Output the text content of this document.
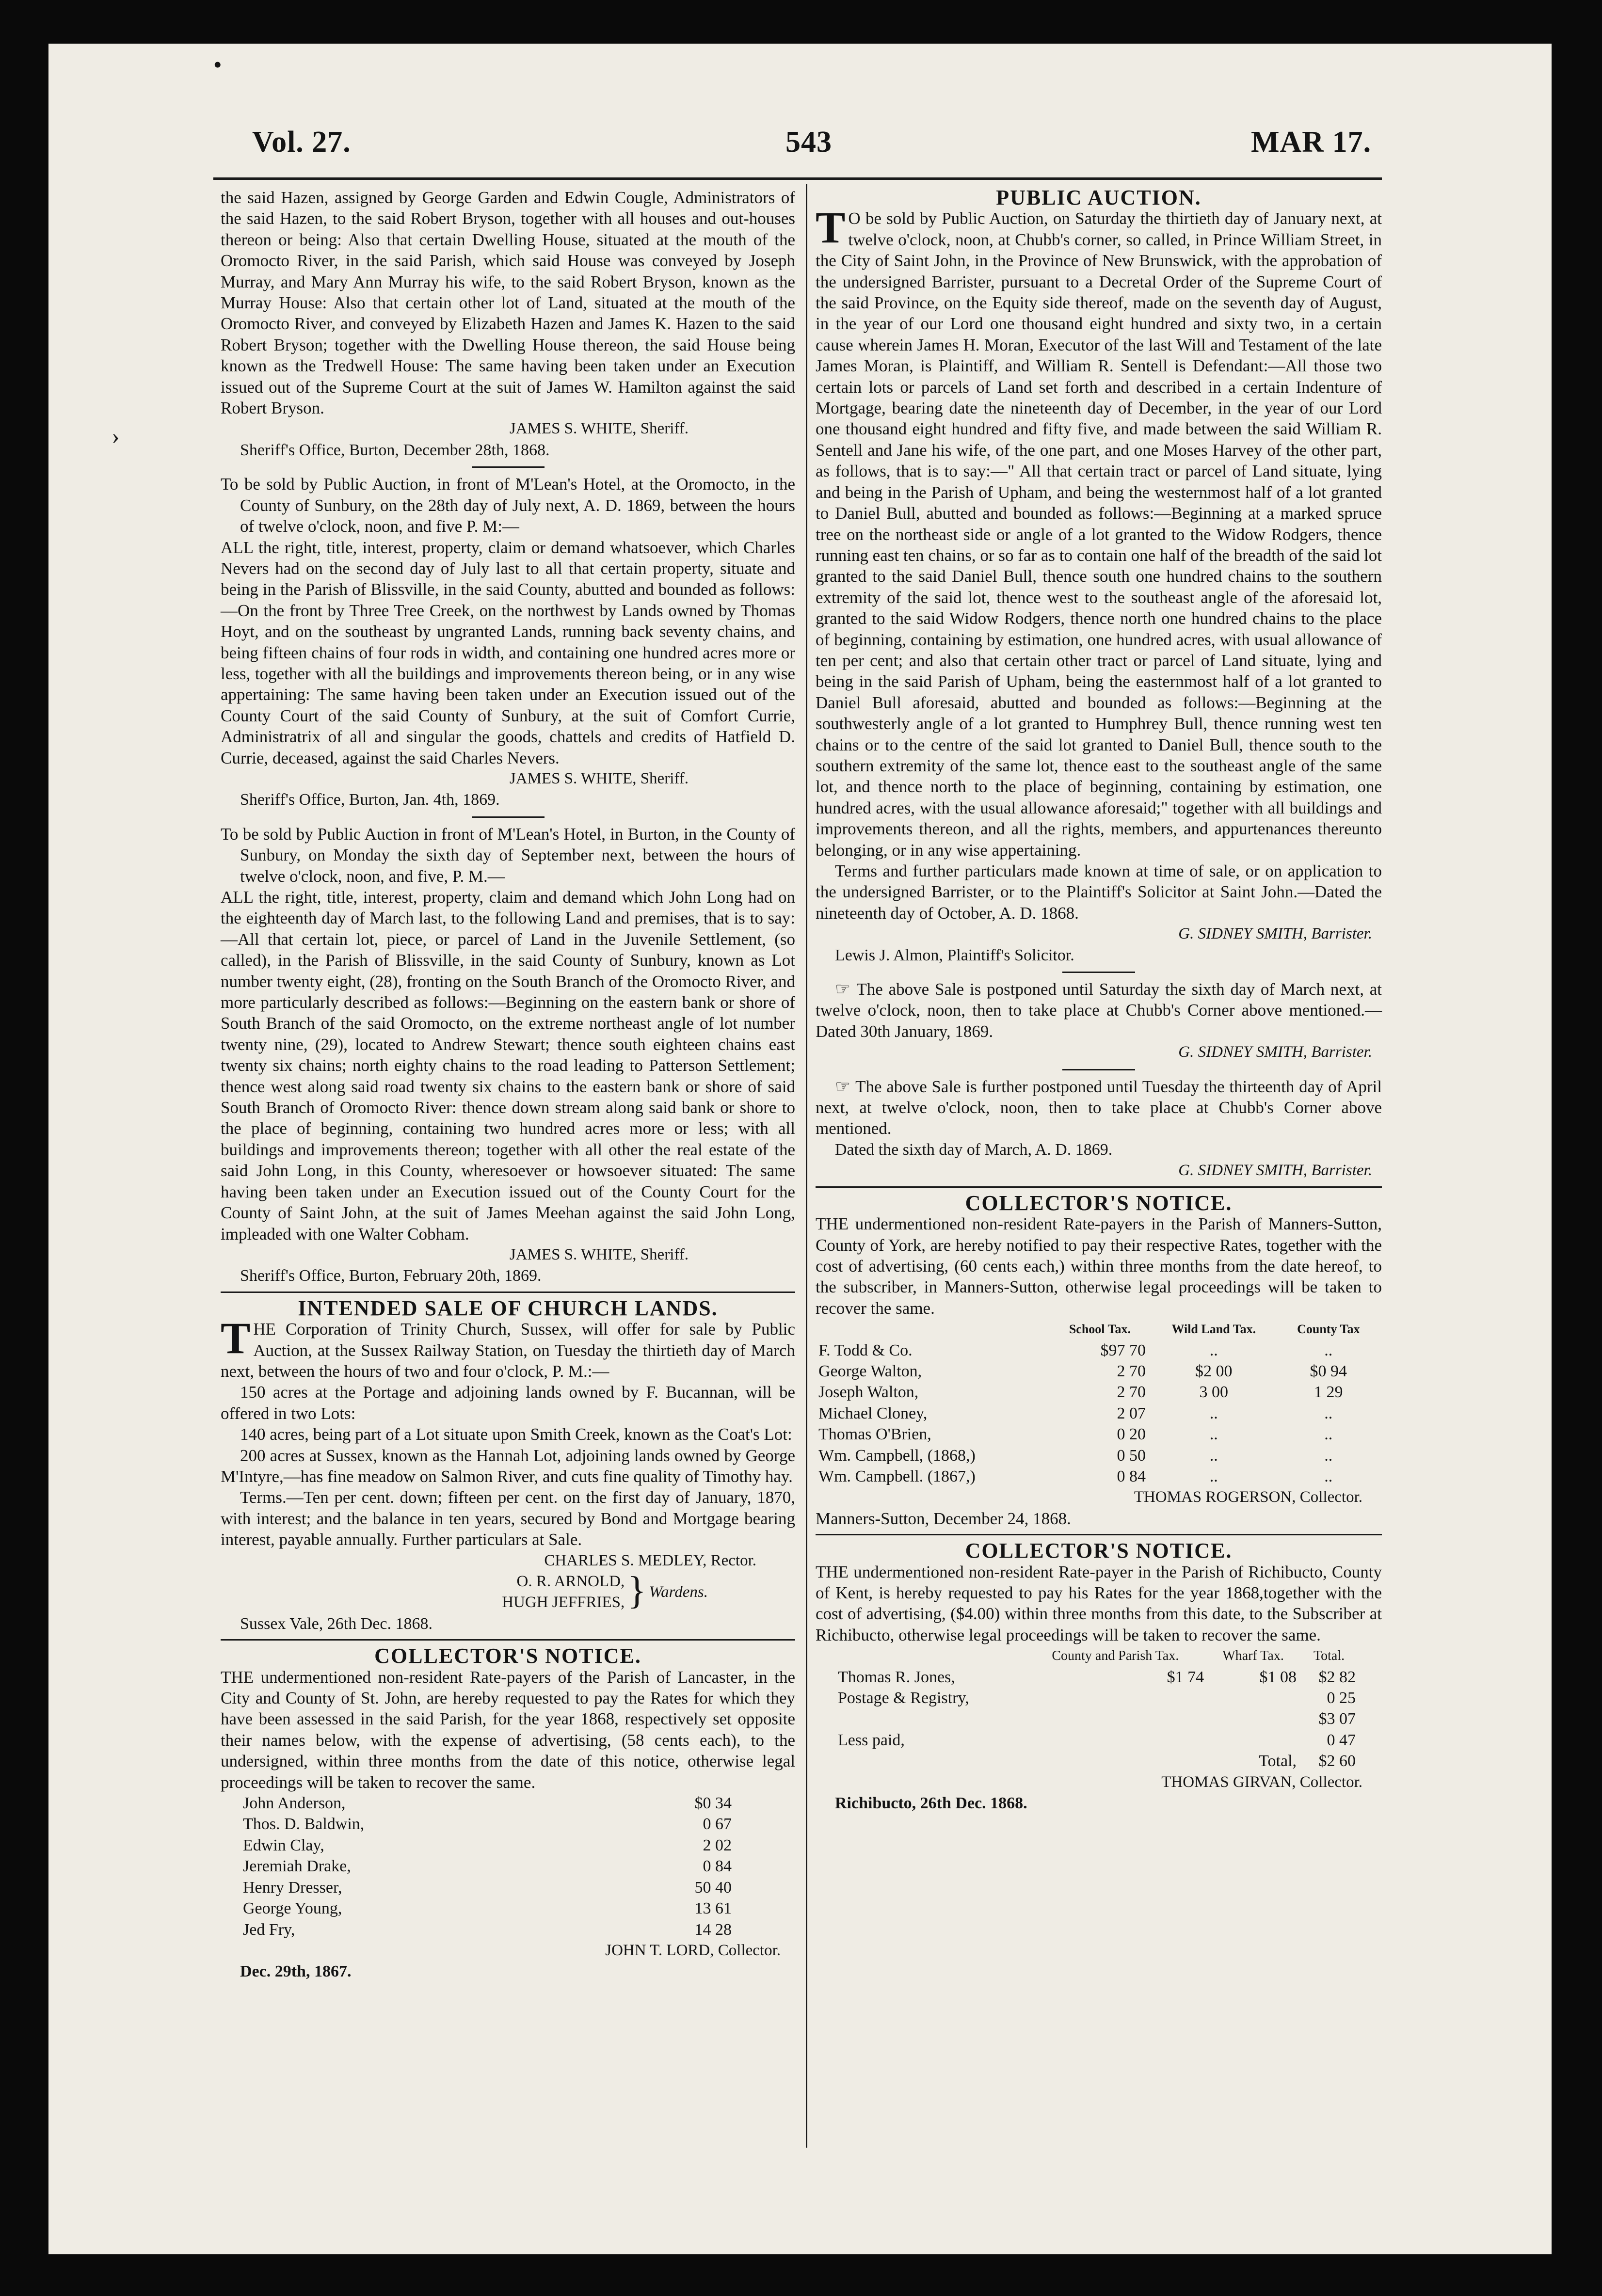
•
›
Vol. 27.	543	MAR 17.

the said Hazen, assigned by George Garden and Edwin Cougle, Administrators of the said Hazen, to the said Robert Bryson, together with all houses and out-houses thereon or being: Also that certain Dwelling House, situated at the mouth of the Oromocto River, in the said Parish, which said House was conveyed by Joseph Murray, and Mary Ann Murray his wife, to the said Robert Bryson, known as the Murray House: Also that certain other lot of Land, situated at the mouth of the Oromocto River, and conveyed by Elizabeth Hazen and James K. Hazen to the said Robert Bryson; together with the Dwelling House thereon, the said House being known as the Tredwell House: The same having been taken under an Execution issued out of the Supreme Court at the suit of James W. Hamilton against the said Robert Bryson.

JAMES S. WHITE, Sheriff.

Sheriff's Office, Burton, December 28th, 1868.

To be sold by Public Auction, in front of M'Lean's Hotel, at the Oromocto, in the County of Sunbury, on the 28th day of July next, A. D. 1869, between the hours of twelve o'clock, noon, and five P. M:—

ALL the right, title, interest, property, claim or demand whatsoever, which Charles Nevers had on the second day of July last to all that certain property, situate and being in the Parish of Blissville, in the said County, abutted and bounded as follows:—On the front by Three Tree Creek, on the northwest by Lands owned by Thomas Hoyt, and on the southeast by ungranted Lands, running back seventy chains, and being fifteen chains of four rods in width, and containing one hundred acres more or less, together with all the buildings and improvements thereon being, or in any wise appertaining: The same having been taken under an Execution issued out of the County Court of the said County of Sunbury, at the suit of Comfort Currie, Administratrix of all and singular the goods, chattels and credits of Hatfield D. Currie, deceased, against the said Charles Nevers.

JAMES S. WHITE, Sheriff.

Sheriff's Office, Burton, Jan. 4th, 1869.

To be sold by Public Auction in front of M'Lean's Hotel, in Burton, in the County of Sunbury, on Monday the sixth day of September next, between the hours of twelve o'clock, noon, and five, P. M.—

ALL the right, title, interest, property, claim and demand which John Long had on the eighteenth day of March last, to the following Land and premises, that is to say:—All that certain lot, piece, or parcel of Land in the Juvenile Settlement, (so called), in the Parish of Blissville, in the said County of Sunbury, known as Lot number twenty eight, (28), fronting on the South Branch of the Oromocto River, and more particularly described as follows:—Beginning on the eastern bank or shore of South Branch of the said Oromocto, on the extreme northeast angle of lot number twenty nine, (29), located to Andrew Stewart; thence south eighteen chains east twenty six chains; north eighty chains to the road leading to Patterson Settlement; thence west along said road twenty six chains to the eastern bank or shore of said South Branch of Oromocto River: thence down stream along said bank or shore to the place of beginning, containing two hundred acres more or less; with all buildings and improvements thereon; together with all other the real estate of the said John Long, in this County, wheresoever or howsoever situated: The same having been taken under an Execution issued out of the County Court for the County of Saint John, at the suit of James Meehan against the said John Long, impleaded with one Walter Cobham.

JAMES S. WHITE, Sheriff.

Sheriff's Office, Burton, February 20th, 1869.

INTENDED SALE OF CHURCH LANDS.

THE Corporation of Trinity Church, Sussex, will offer for sale by Public Auction, at the Sussex Railway Station, on Tuesday the thirtieth day of March next, between the hours of two and four o'clock, P. M.:—

150 acres at the Portage and adjoining lands owned by F. Bucannan, will be offered in two Lots:

140 acres, being part of a Lot situate upon Smith Creek, known as the Coat's Lot:

200 acres at Sussex, known as the Hannah Lot, adjoining lands owned by George M'Intyre,—has fine meadow on Salmon River, and cuts fine quality of Timothy hay.

Terms.—Ten per cent. down; fifteen per cent. on the first day of January, 1870, with interest; and the balance in ten years, secured by Bond and Mortgage bearing interest, payable annually. Further particulars at Sale.

CHARLES S. MEDLEY, Rector.

O. R. ARNOLD,
HUGH JEFFRIES, } Wardens.

Sussex Vale, 26th Dec. 1868.

COLLECTOR'S NOTICE.

THE undermentioned non-resident Rate-payers of the Parish of Lancaster, in the City and County of St. John, are hereby requested to pay the Rates for which they have been assessed in the said Parish, for the year 1868, respectively set opposite their names below, with the expense of advertising, (58 cents each), to the undersigned, within three months from the date of this notice, otherwise legal proceedings will be taken to recover the same.

John Anderson,	$0 34
Thos. D. Baldwin,	0 67
Edwin Clay,	2 02
Jeremiah Drake,	0 84
Henry Dresser,	50 40
George Young,	13 61
Jed Fry,	14 28

JOHN T. LORD, Collector.

Dec. 29th, 1867.

PUBLIC AUCTION.

TO be sold by Public Auction, on Saturday the thirtieth day of January next, at twelve o'clock, noon, at Chubb's corner, so called, in Prince William Street, in the City of Saint John, in the Province of New Brunswick, with the approbation of the undersigned Barrister, pursuant to a Decretal Order of the Supreme Court of the said Province, on the Equity side thereof, made on the seventh day of August, in the year of our Lord one thousand eight hundred and sixty two, in a certain cause wherein James H. Moran, Executor of the last Will and Testament of the late James Moran, is Plaintiff, and William R. Sentell is Defendant:—All those two certain lots or parcels of Land set forth and described in a certain Indenture of Mortgage, bearing date the nineteenth day of December, in the year of our Lord one thousand eight hundred and fifty five, and made between the said William R. Sentell and Jane his wife, of the one part, and one Moses Harvey of the other part, as follows, that is to say:—" All that certain tract or parcel of Land situate, lying and being in the Parish of Upham, and being the westernmost half of a lot granted to Daniel Bull, abutted and bounded as follows:—Beginning at a marked spruce tree on the northeast side or angle of a lot granted to the Widow Rodgers, thence running east ten chains, or so far as to contain one half of the breadth of the said lot granted to the said Daniel Bull, thence south one hundred chains to the southern extremity of the said lot, thence west to the southeast angle of the aforesaid lot, granted to the said Widow Rodgers, thence north one hundred chains to the place of beginning, containing by estimation, one hundred acres, with usual allowance of ten per cent; and also that certain other tract or parcel of Land situate, lying and being in the said Parish of Upham, being the easternmost half of a lot granted to Daniel Bull aforesaid, abutted and bounded as follows:—Beginning at the southwesterly angle of a lot granted to Humphrey Bull, thence running west ten chains or to the centre of the said lot granted to Daniel Bull, thence south to the southern extremity of the same lot, thence east to the southeast angle of the same lot, and thence north to the place of beginning, containing by estimation, one hundred acres, with the usual allowance aforesaid;" together with all buildings and improvements thereon, and all the rights, members, and appurtenances thereunto belonging, or in any wise appertaining.

Terms and further particulars made known at time of sale, or on application to the undersigned Barrister, or to the Plaintiff's Solicitor at Saint John.—Dated the nineteenth day of October, A. D. 1868.

G. SIDNEY SMITH, Barrister.

Lewis J. Almon, Plaintiff's Solicitor.

☞ The above Sale is postponed until Saturday the sixth day of March next, at twelve o'clock, noon, then to take place at Chubb's Corner above mentioned.—Dated 30th January, 1869.

G. SIDNEY SMITH, Barrister.

☞ The above Sale is further postponed until Tuesday the thirteenth day of April next, at twelve o'clock, noon, then to take place at Chubb's Corner above mentioned.

Dated the sixth day of March, A. D. 1869.

G. SIDNEY SMITH, Barrister.

COLLECTOR'S NOTICE.

THE undermentioned non-resident Rate-payers in the Parish of Manners-Sutton, County of York, are hereby notified to pay their respective Rates, together with the cost of advertising, (60 cents each,) within three months from the date hereof, to the subscriber, in Manners-Sutton, otherwise legal proceedings will be taken to recover the same.

	School Tax.	Wild Land Tax.	County Tax
F. Todd & Co.	$97 70	..	..
George Walton,	2 70	$2 00	$0 94
Joseph Walton,	2 70	3 00	1 29
Michael Cloney,	2 07	..	..
Thomas O'Brien,	0 20	..	..
Wm. Campbell, (1868,)	0 50	..	..
Wm. Campbell. (1867,)	0 84	..	..

THOMAS ROGERSON, Collector.

Manners-Sutton, December 24, 1868.

COLLECTOR'S NOTICE.

THE undermentioned non-resident Rate-payer in the Parish of Richibucto, County of Kent, is hereby requested to pay his Rates for the year 1868,together with the cost of advertising, ($4.00) within three months from this date, to the Subscriber at Richibucto, otherwise legal proceedings will be taken to recover the same.

	County and Parish Tax.	Wharf Tax.	Total.
Thomas R. Jones,	$1 74	$1 08	$2 82
Postage & Registry,			0 25
			$3 07
Less paid,			0 47
		Total,	$2 60

THOMAS GIRVAN, Collector.

Richibucto, 26th Dec. 1868.
